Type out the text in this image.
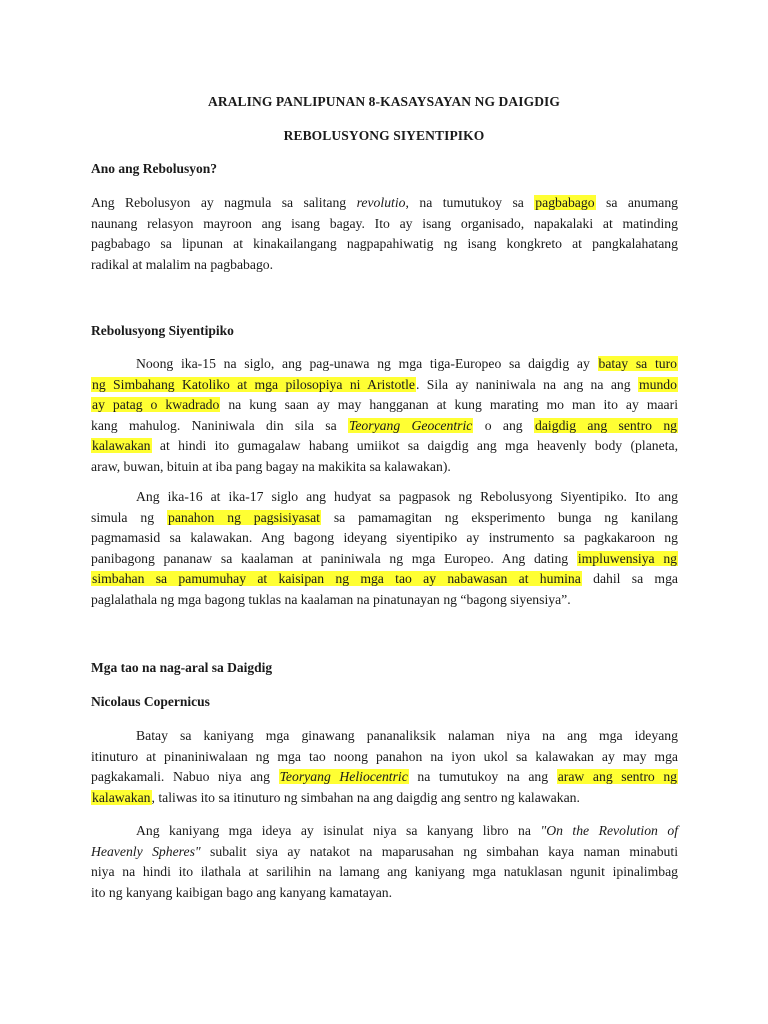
ARALING PANLIPUNAN 8-KASAYSAYAN NG DAIGDIG
REBOLUSYONG SIYENTIPIKO
Ano ang Rebolusyon?
Ang Rebolusyon ay nagmula sa salitang revolutio, na tumutukoy sa pagbabago sa anumang
naunang relasyon mayroon ang isang bagay. Ito ay isang organisado, napakalaki at matinding
pagbabago sa lipunan at kinakailangang nagpapahiwatig ng isang kongkreto at pangkalahatang
radikal at malalim na pagbabago.
Rebolusyong Siyentipiko
Noong ika-15 na siglo, ang pag-unawa ng mga tiga-Europeo sa daigdig ay batay sa turo
ng Simbahang Katoliko at mga pilosopiya ni Aristotle. Sila ay naniniwala na ang na ang mundo
ay patag o kwadrado na kung saan ay may hangganan at kung marating mo man ito ay maari
kang mahulog. Naniniwala din sila sa Teoryang Geocentric o ang daigdig ang sentro ng
kalawakan at hindi ito gumagalaw habang umiikot sa daigdig ang mga heavenly body (planeta,
araw, buwan, bituin at iba pang bagay na makikita sa kalawakan).
Ang ika-16 at ika-17 siglo ang hudyat sa pagpasok ng Rebolusyong Siyentipiko. Ito ang
simula ng panahon ng pagsisiyasat sa pamamagitan ng eksperimento bunga ng kanilang
pagmamasid sa kalawakan. Ang bagong ideyang siyentipiko ay instrumento sa pagkakaroon ng
panibagong pananaw sa kaalaman at paniniwala ng mga Europeo. Ang dating impluwensiya ng
simbahan sa pamumuhay at kaisipan ng mga tao ay nabawasan at humina dahil sa mga
paglalathala ng mga bagong tuklas na kaalaman na pinatunayan ng “bagong siyensiya”.
Mga tao na nag-aral sa Daigdig
Nicolaus Copernicus
Batay sa kaniyang mga ginawang pananaliksik nalaman niya na ang mga ideyang
itinuturo at pinaniniwalaan ng mga tao noong panahon na iyon ukol sa kalawakan ay may mga
pagkakamali. Nabuo niya ang Teoryang Heliocentric na tumutukoy na ang araw ang sentro ng
kalawakan, taliwas ito sa itinuturo ng simbahan na ang daigdig ang sentro ng kalawakan.
Ang kaniyang mga ideya ay isinulat niya sa kanyang libro na "On the Revolution of
Heavenly Spheres" subalit siya ay natakot na maparusahan ng simbahan kaya naman minabuti
niya na hindi ito ilathala at sarilihin na lamang ang kaniyang mga natuklasan ngunit ipinalimbag
ito ng kanyang kaibigan bago ang kanyang kamatayan.
